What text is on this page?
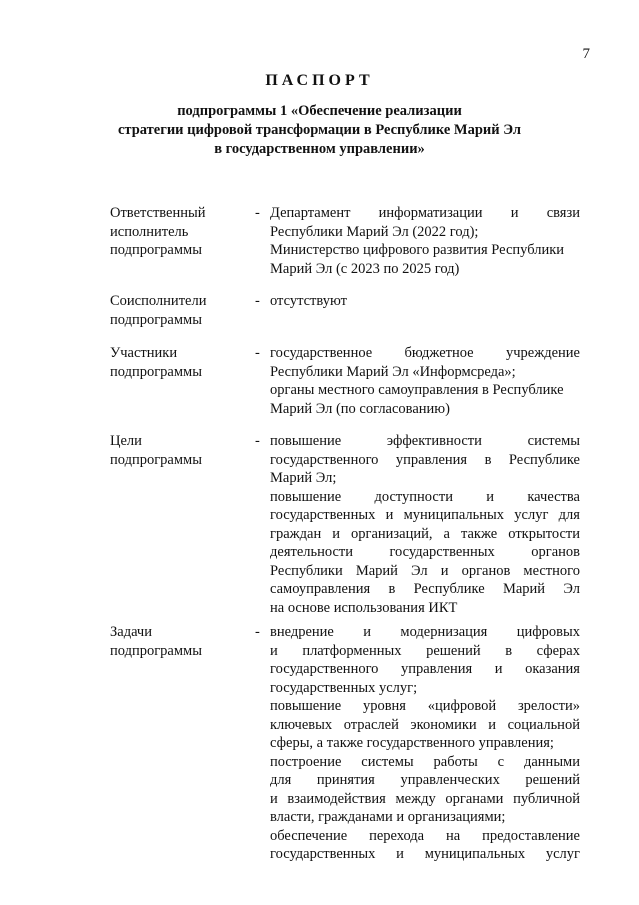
7
ПАСПОРТ
подпрограммы 1 «Обеспечение реализации
стратегии цифровой трансформации в Республике Марий Эл
в государственном управлении»
Ответственный
исполнитель
подпрограммы
- Департамент информатизации и связи
Республики Марий Эл (2022 год);
Министерство цифрового развития Республики
Марий Эл (с 2023 по 2025 год)
Соисполнители
подпрограммы
- отсутствуют
Участники
подпрограммы
- государственное бюджетное учреждение
Республики Марий Эл «Информсреда»;
органы местного самоуправления в Республике
Марий Эл (по согласованию)
Цели
подпрограммы
- повышение	эффективности	системы
государственного управления в Республике
Марий Эл;
повышение доступности и качества
государственных и муниципальных услуг для
граждан и организаций, а также открытости
деятельности	государственных	органов
Республики Марий Эл и органов местного
самоуправления в Республике Марий Эл
на основе использования ИКТ
Задачи
подпрограммы
- внедрение и модернизация цифровых
и платформенных решений в сферах
государственного управления и оказания
государственных услуг;
повышение уровня «цифровой зрелости»
ключевых отраслей экономики и социальной
сферы, а также государственного управления;
построение системы работы с данными
для принятия управленческих решений
и взаимодействия между органами публичной
власти, гражданами и организациями;
обеспечение перехода на предоставление
государственных и муниципальных услуг
